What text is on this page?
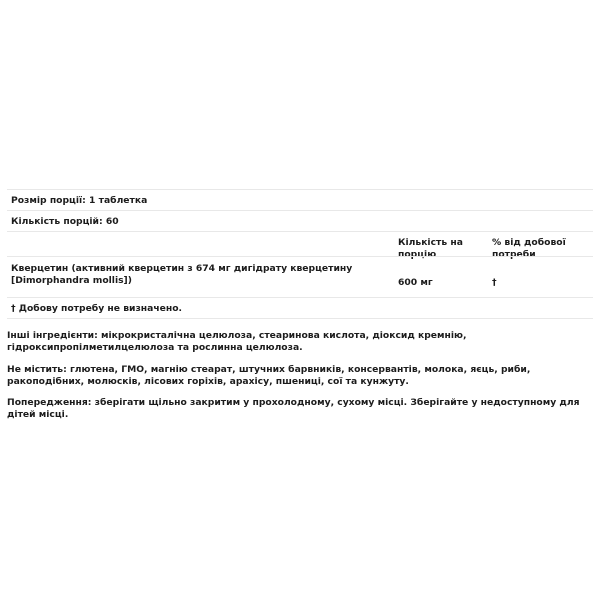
Розмір порції: 1 таблетка
Кількість порцій: 60
Кількість на порцію
% від добової потреби
Кверцетин (активний кверцетин з 674 мг дигідрату кверцетину [Dimorphandra mollis])	600 мг	†
† Добову потребу не визначено.
Інші інгредієнти: мікрокристалічна целюлоза, стеаринова кислота, діоксид кремнію, гідроксипропілметилцелюлоза та рослинна целюлоза.
Не містить: глютена, ГМО, магнію стеарат, штучних барвників, консервантів, молока, яєць, риби, ракоподібних, молюсків, лісових горіхів, арахісу, пшениці, сої та кунжуту.
Попередження: зберігати щільно закритим у прохолодному, сухому місці. Зберігайте у недоступному для дітей місці.
